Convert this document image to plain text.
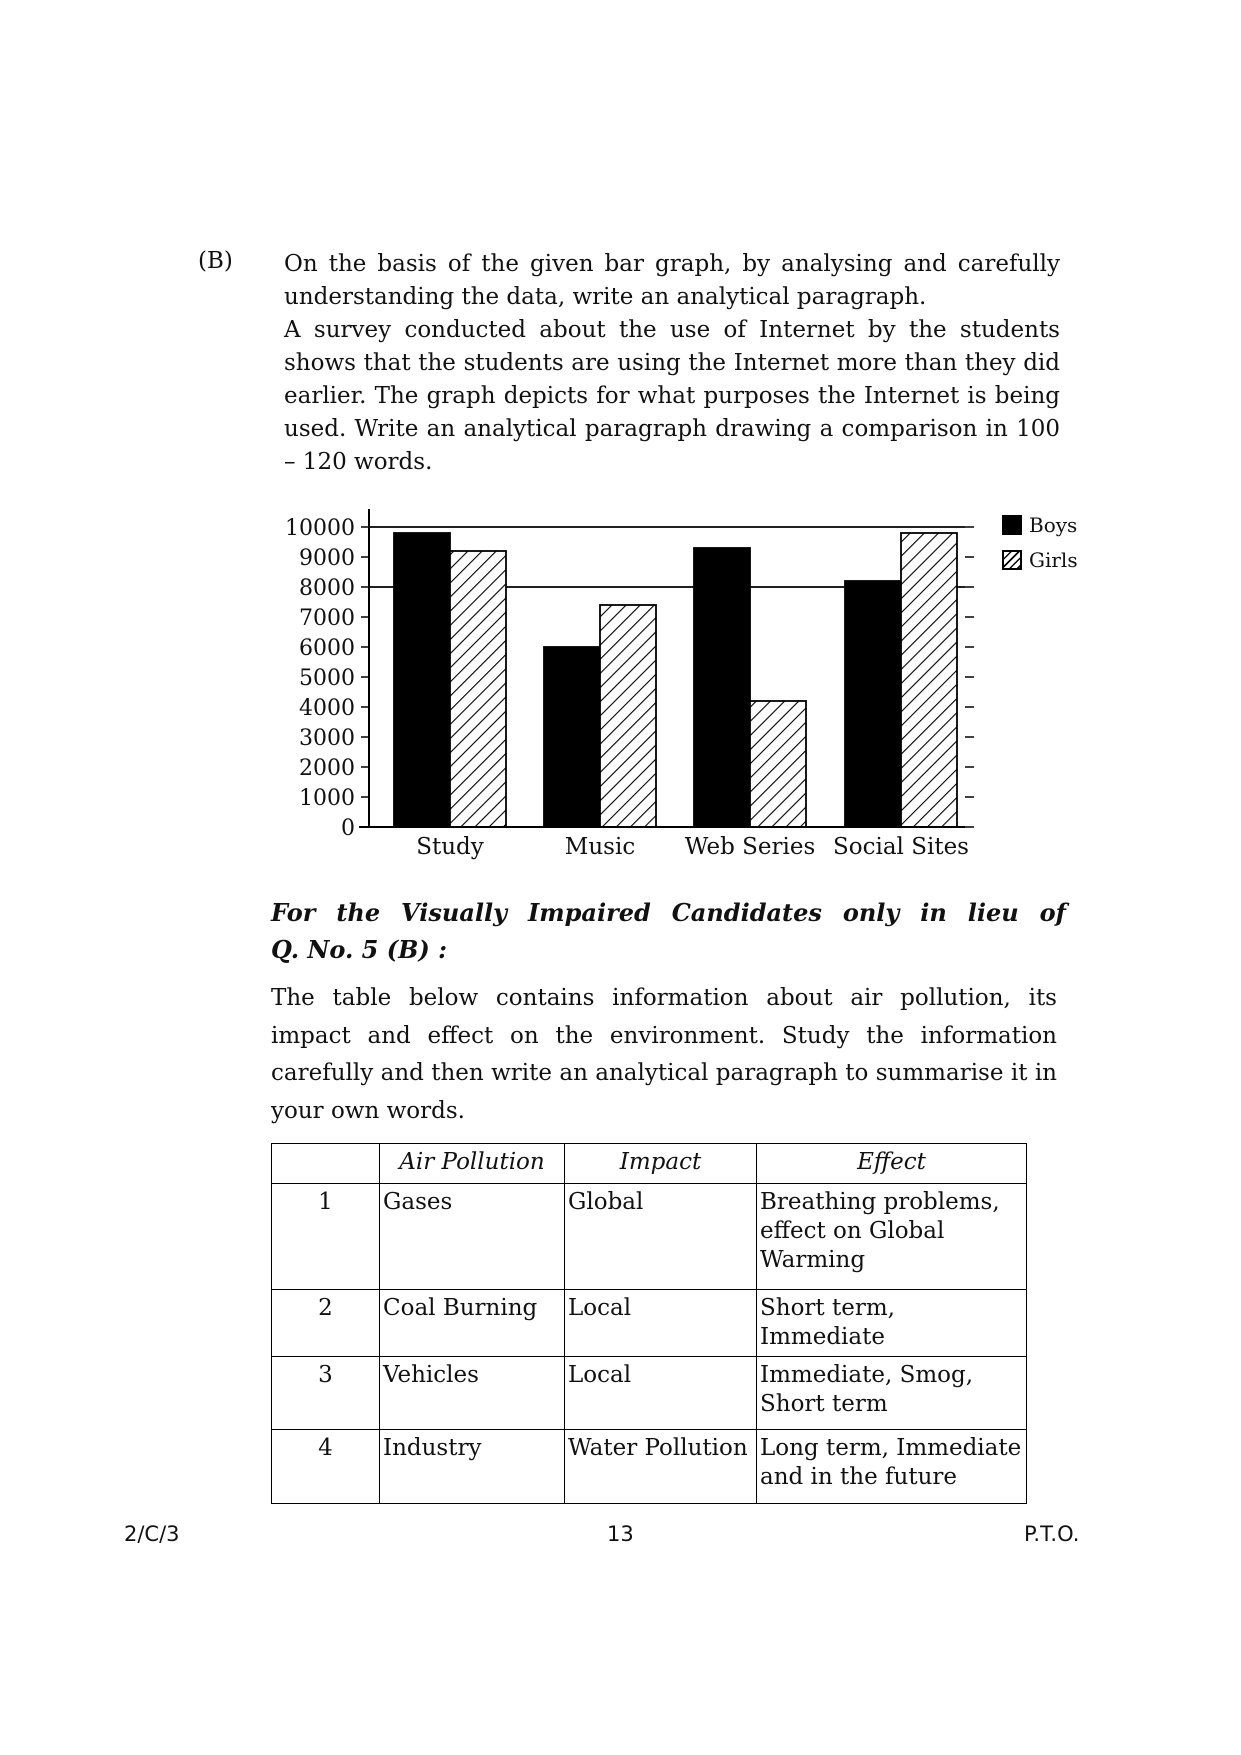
(B) On the basis of the given bar graph, by analysing and carefully understanding the data, write an analytical paragraph.

A survey conducted about the use of Internet by the students shows that the students are using the Internet more than they did earlier. The graph depicts for what purposes the Internet is being used. Write an analytical paragraph drawing a comparison in 100 – 120 words.

0
1000
2000
3000
4000
5000
6000
7000
8000
9000
10000
Study	Music Web Series Social Sites
Boys
Girls
For the Visually Impaired Candidates only in lieu of
Q. No. 5 (B) :
The table below contains information about air pollution, its impact and effect on the environment. Study the information carefully and then write an analytical paragraph to summarise it in your own words.
	Air Pollution	Impact	Effect
1	Gases	Global	Breathing problems, effect on Global Warming
2	Coal Burning	Local	Short term, Immediate
3	Vehicles	Local	Immediate, Smog, Short term
4	Industry	Water Pollution	Long term, Immediate and in the future
2/C/3	13	P.T.O.
